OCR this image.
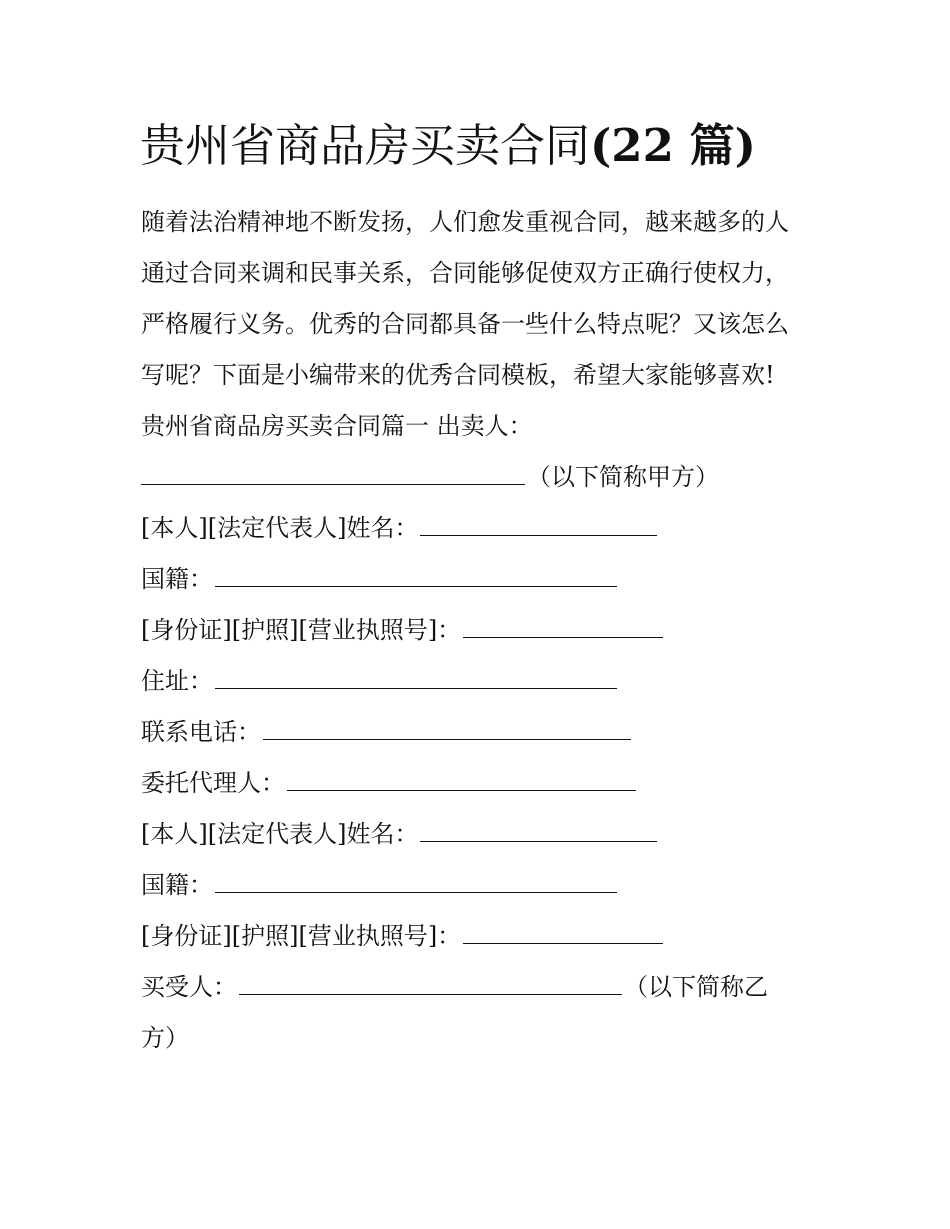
贵州省商品房买卖合同(22 篇)
随着法治精神地不断发扬，人们愈发重视合同，越来越多的人
通过合同来调和民事关系，合同能够促使双方正确行使权力，
严格履行义务。优秀的合同都具备一些什么特点呢？又该怎么
写呢？下面是小编带来的优秀合同模板，希望大家能够喜欢!
贵州省商品房买卖合同篇一 出卖人：
（以下简称甲方）
[本人][法定代表人]姓名：
国籍：
[身份证][护照][营业执照号]：
住址：
联系电话：
委托代理人：
[本人][法定代表人]姓名：
国籍：
[身份证][护照][营业执照号]：
买受人：	（以下简称乙
方）
